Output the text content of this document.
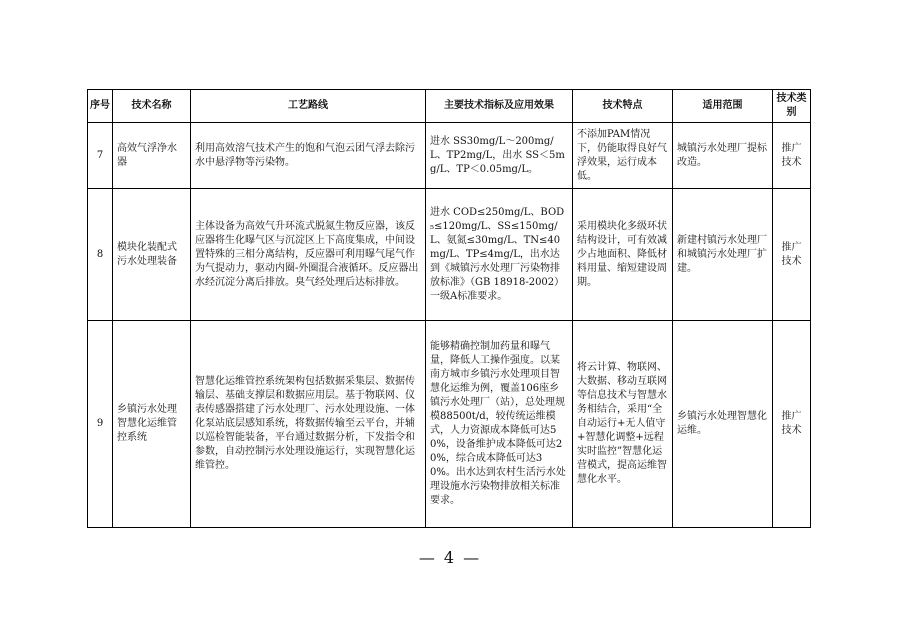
序号	技术名称	工艺路线	主要技术指标及应用效果	技术特点	适用范围	技术类别
7	高效气浮净水器	利用高效溶气技术产生的饱和气泡云团气浮去除污水中悬浮物等污染物。	进水 SS30mg/L～200mg/L、TP2mg/L，出水 SS＜5mg/L、TP＜0.05mg/L。	不添加PAM情况下，仍能取得良好气浮效果，运行成本低。	城镇污水处理厂提标改造。	推广技术
8	模块化装配式污水处理装备	主体设备为高效气升环流式脱氮生物反应器，该反应器将生化曝气区与沉淀区上下高度集成，中间设置特殊的三相分离结构，反应器可利用曝气尾气作为气提动力，驱动内圈-外圈混合液循环。反应器出水经沉淀分离后排放。臭气经处理后达标排放。	进水 COD≤250mg/L、BOD₅≤120mg/L、SS≤150mg/L、氨氮≤30mg/L、TN≤40mg/L、TP≤4mg/L，出水达到《城镇污水处理厂污染物排放标准》（GB 18918-2002）一级A标准要求。	采用模块化多级环状结构设计，可有效减少占地面积、降低材料用量、缩短建设周期。	新建村镇污水处理厂和城镇污水处理厂扩建。	推广技术
9	乡镇污水处理智慧化运维管控系统	智慧化运维管控系统架构包括数据采集层、数据传输层、基础支撑层和数据应用层。基于物联网、仪表传感器搭建了污水处理厂、污水处理设施、一体化泵站底层感知系统，将数据传输至云平台，并辅以巡检智能装备，平台通过数据分析，下发指令和参数，自动控制污水处理设施运行，实现智慧化运维管控。	能够精确控制加药量和曝气量，降低人工操作强度。以某南方城市乡镇污水处理项目智慧化运维为例，覆盖106座乡镇污水处理厂（站），总处理规模88500t/d，较传统运维模式，人力资源成本降低可达50%，设备维护成本降低可达20%，综合成本降低可达30%。出水达到农村生活污水处理设施水污染物排放相关标准要求。	将云计算、物联网、大数据、移动互联网等信息技术与智慧水务相结合，采用“全自动运行+无人值守+智慧化调整+远程实时监控”智慧化运营模式，提高运维智慧化水平。	乡镇污水处理智慧化运维。	推广技术
— 4 —
